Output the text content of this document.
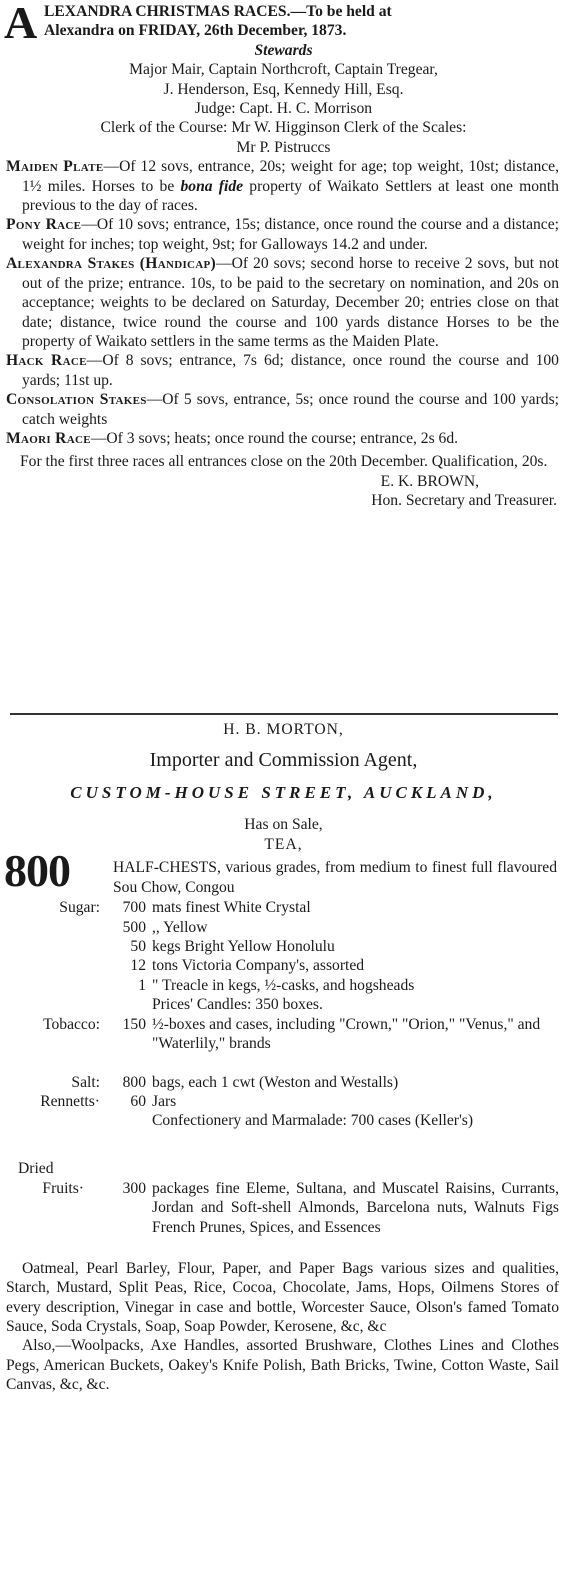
A LEXANDRA CHRISTMAS RACES.—To be held at

Alexandra on FRIDAY, 26th December, 1873.

Stewards

Major Mair, Captain Northcroft, Captain Tregear,

J. Henderson, Esq, Kennedy Hill, Esq.

Judge: Capt. H. C. Morrison

Clerk of the Course: Mr W. Higginson Clerk of the Scales:

Mr P. Pistruccs

Maiden Plate—Of 12 sovs, entrance, 20s; weight for age; top weight, 10st; distance, 1½ miles. Horses to be bona fide property of Waikato Settlers at least one month previous to the day of races.

Pony Race—Of 10 sovs; entrance, 15s; distance, once round the course and a distance; weight for inches; top weight, 9st; for Galloways 14.2 and under.

Alexandra Stakes (Handicap)—Of 20 sovs; second horse to receive 2 sovs, but not out of the prize; entrance. 10s, to be paid to the secretary on nomination, and 20s on acceptance; weights to be declared on Saturday, December 20; entries close on that date; distance, twice round the course and 100 yards distance Horses to be the property of Waikato settlers in the same terms as the Maiden Plate.

Hack Race—Of 8 sovs; entrance, 7s 6d; distance, once round the course and 100 yards; 11st up.

Consolation Stakes—Of 5 sovs, entrance, 5s; once round the course and 100 yards; catch weights

Maori Race—Of 3 sovs; heats; once round the course; entrance, 2s 6d.

For the first three races all entrances close on the 20th December. Qualification, 20s.

E. K. BROWN,

Hon. Secretary and Treasurer.

H. B. MORTON,

Importer and Commission Agent,

CUSTOM-HOUSE STREET, AUCKLAND,

Has on Sale,

TEA,

800	HALF-CHESTS, various grades, from medium to finest full flavoured Sou Chow, Congou
Sugar:	700 mats finest White Crystal
500 ,, Yellow
50 kegs Bright Yellow Honolulu
12 tons Victoria Company's, assorted
1 " Treacle in kegs, ½-casks, and hogsheads
Prices' Candles: 350 boxes.
Tobacco:	150 ½-boxes and cases, including "Crown," "Orion," "Venus," and "Waterlily," brands
Salt:	800 bags, each 1 cwt (Weston and Westalls)
Rennetts·	60 Jars
Confectionery and Marmalade: 700 cases (Keller's)
Dried
Fruits·	300 packages fine Eleme, Sultana, and Muscatel Raisins, Currants, Jordan and Soft-shell Almonds, Barcelona nuts, Walnuts Figs French Prunes, Spices, and Essences

Oatmeal, Pearl Barley, Flour, Paper, and Paper Bags various sizes and qualities, Starch, Mustard, Split Peas, Rice, Cocoa, Chocolate, Jams, Hops, Oilmens Stores of every description, Vinegar in case and bottle, Worcester Sauce, Olson's famed Tomato Sauce, Soda Crystals, Soap, Soap Powder, Kerosene, &c, &c

Also,—Woolpacks, Axe Handles, assorted Brushware, Clothes Lines and Clothes Pegs, American Buckets, Oakey's Knife Polish, Bath Bricks, Twine, Cotton Waste, Sail Canvas, &c, &c.
